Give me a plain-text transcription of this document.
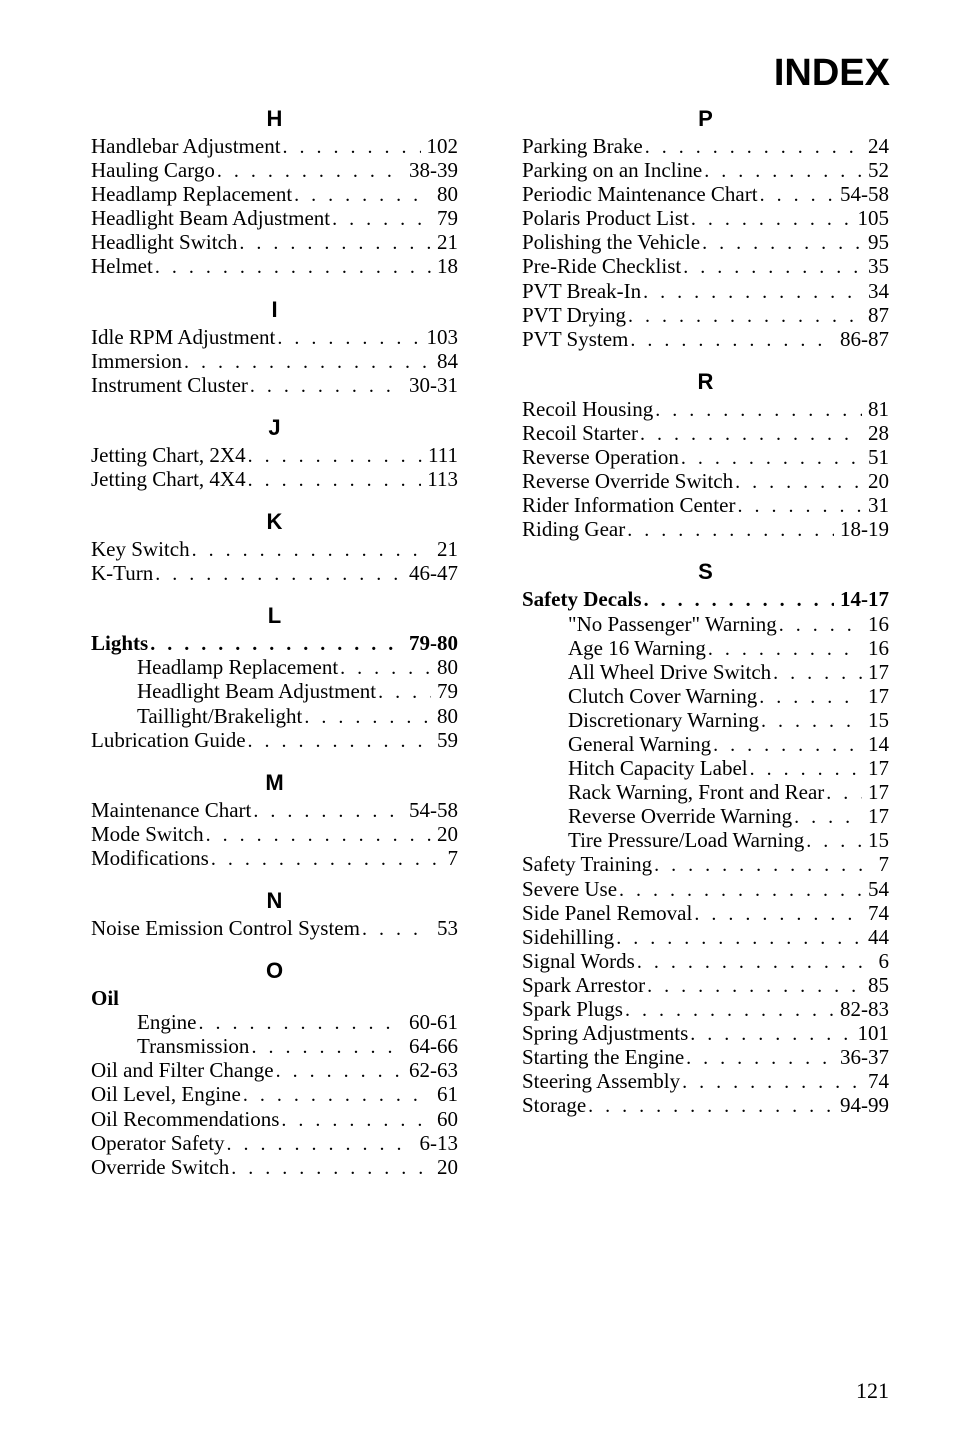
INDEX
H
Handlebar Adjustment . . .	102
Hauling Cargo . . .	38-39
Headlamp Replacement . . .	80
Headlight Beam Adjustment . . .	79
Headlight Switch . . .	21
Helmet . . .	18
I
Idle RPM Adjustment . . .	103
Immersion . . .	84
Instrument Cluster . . .	30-31
J
Jetting Chart, 2X4 . . .	111
Jetting Chart, 4X4 . . .	113
K
Key Switch . . .	21
K-Turn . . .	46-47
L
Lights . . .	79-80
Headlamp Replacement . . .	80
Headlight Beam Adjustment . . .	79
Taillight/Brakelight . . .	80
Lubrication Guide . . .	59
M
Maintenance Chart . . .	54-58
Mode Switch . . .	20
Modifications . . .	7
N
Noise Emission Control System . . .	53
O
Oil
Engine . . .	60-61
Transmission . . .	64-66
Oil and Filter Change . . .	62-63
Oil Level, Engine . . .	61
Oil Recommendations . . .	60
Operator Safety . . .	6-13
Override Switch . . .	20
P
Parking Brake . . .	24
Parking on an Incline . . .	52
Periodic Maintenance Chart . . .	54-58
Polaris Product List . . .	105
Polishing the Vehicle . . .	95
Pre-Ride Checklist . . .	35
PVT Break-In . . .	34
PVT Drying . . .	87
PVT System . . .	86-87
R
Recoil Housing . . .	81
Recoil Starter . . .	28
Reverse Operation . . .	51
Reverse Override Switch . . .	20
Rider Information Center . . .	31
Riding Gear . . .	18-19
S
Safety Decals . . .	14-17
"No Passenger" Warning . . .	16
Age 16 Warning . . .	16
All Wheel Drive Switch . . .	17
Clutch Cover Warning . . .	17
Discretionary Warning . . .	15
General Warning . . .	14
Hitch Capacity Label . . .	17
Rack Warning, Front and Rear . . . 17
Reverse Override Warning . . .	17
Tire Pressure/Load Warning . . .	15
Safety Training . . .	7
Severe Use . . .	54
Side Panel Removal . . .	74
Sidehilling . . .	44
Signal Words . . .	6
Spark Arrestor . . .	85
Spark Plugs . . .	82-83
Spring Adjustments . . .	101
Starting the Engine . . .	36-37
Steering Assembly . . .	74
Storage . . .	94-99
121
